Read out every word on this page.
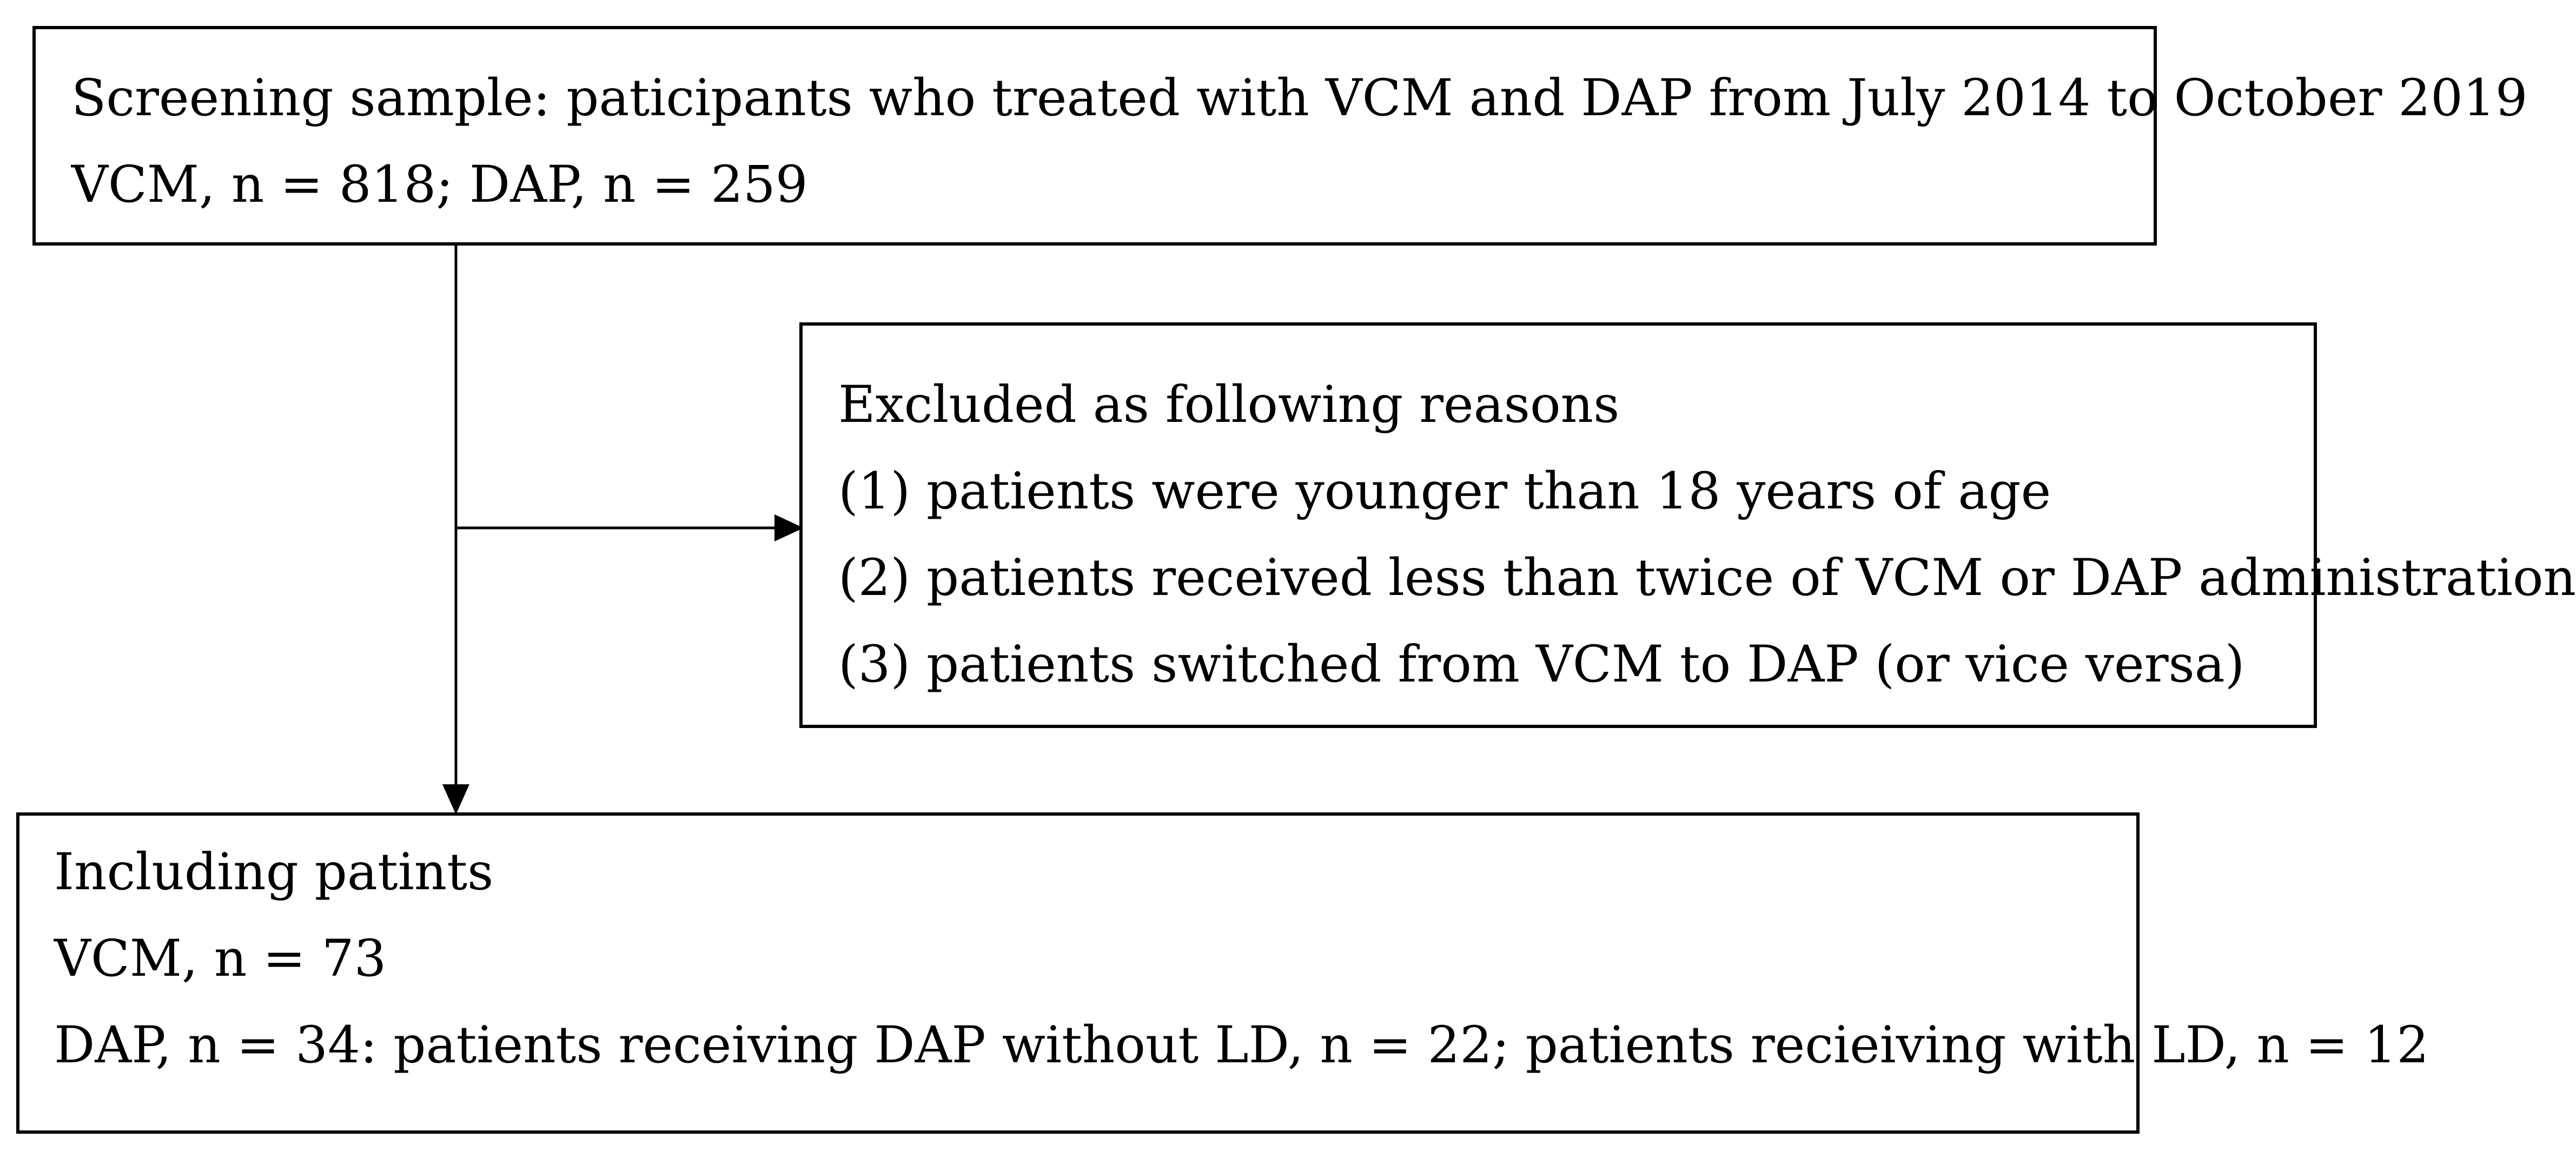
Screening sample: paticipants who treated with VCM and DAP from July 2014 to October 2019

VCM, n = 818; DAP, n = 259

Excluded as following reasons

(1) patients were younger than 18 years of age

(2) patients received less than twice of VCM or DAP administration

(3) patients switched from VCM to DAP (or vice versa)

Including patints

VCM, n = 73

DAP, n = 34: patients receiving DAP without LD, n = 22; patients recieiving with LD, n = 12
